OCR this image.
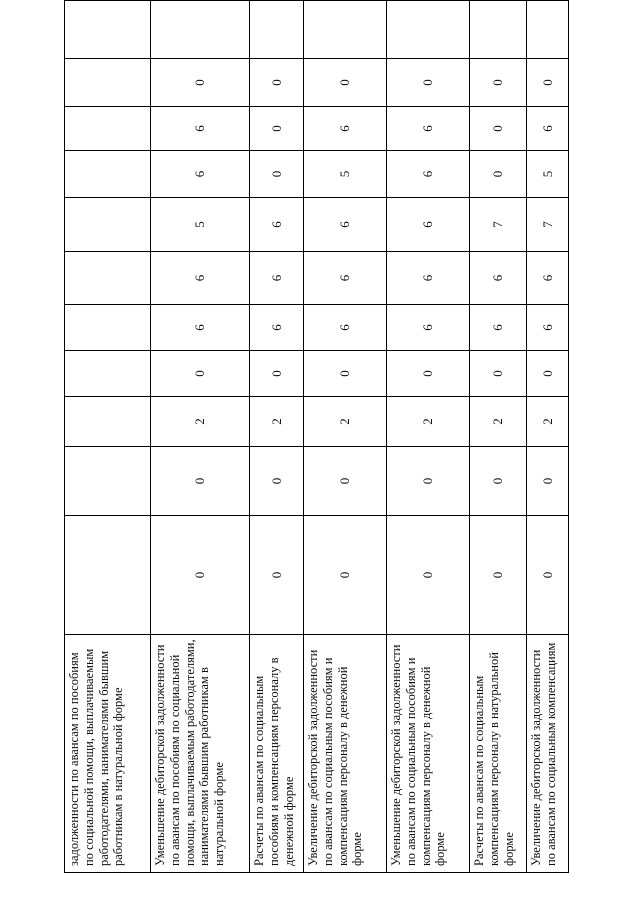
задолженности по авансам по пособиям по социальной помощи, выплачиваемым работодателями, нанимателями бывшим работникам в натуральной форме											
Уменьшение дебиторской задолженности по авансам по пособиям по социальной помощи, выплачиваемым работодателями, нанимателями бывшим работникам в натуральной форме	0	0	2	0	6	6	5	6	6	0	
Расчеты по авансам по социальным пособиям и компенсациям персоналу в денежной форме	0	0	2	0	6	6	6	0	0	0	
Увеличение дебиторской задолженности по авансам по социальным пособиям и компенсациям персоналу в денежной форме	0	0	2	0	6	6	6	5	6	0	
Уменьшение дебиторской задолженности по авансам по социальным пособиям и компенсациям персоналу в денежной форме	0	0	2	0	6	6	6	6	6	0	
Расчеты по авансам по социальным компенсациям персоналу в натуральной форме	0	0	2	0	6	6	7	0	0	0	
Увеличение дебиторской задолженности по авансам по социальным компенсациям	0	0	2	0	6	6	7	5	6	0	
